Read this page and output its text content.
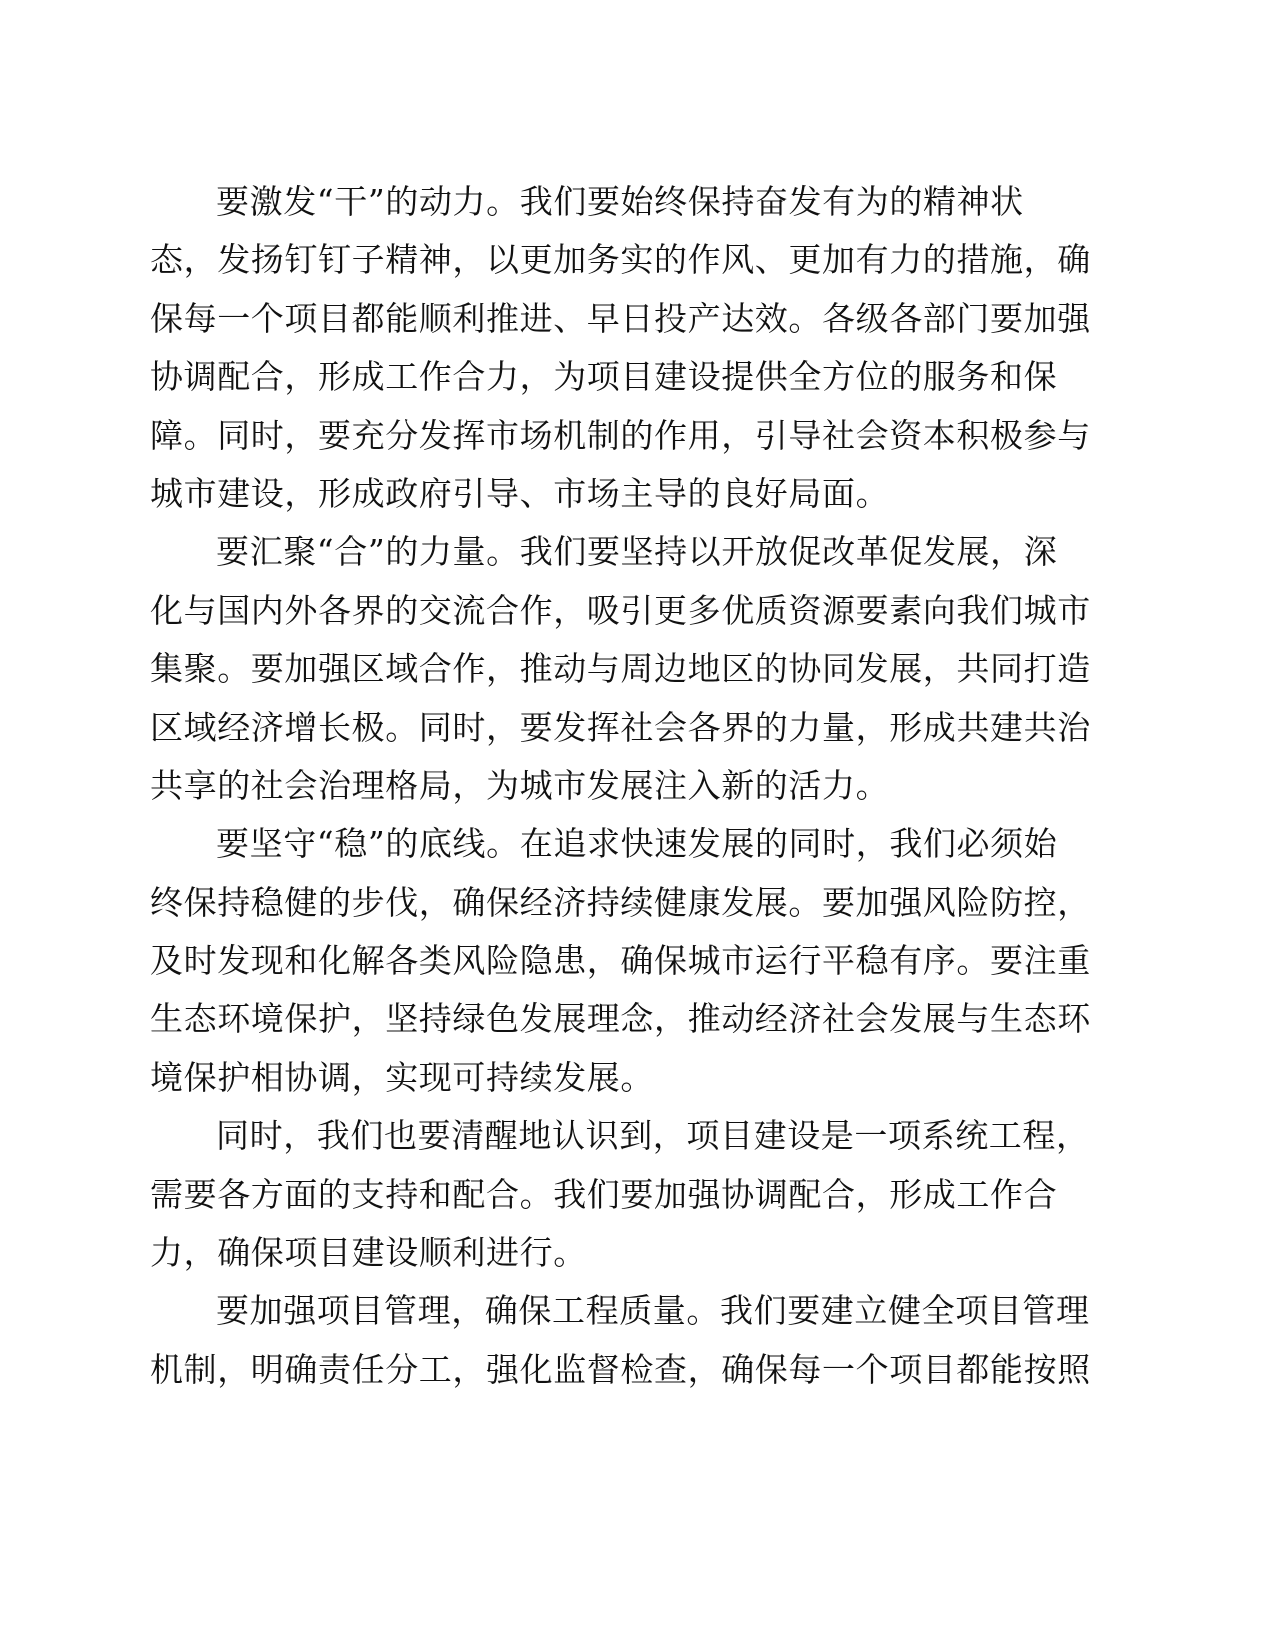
要激发“干”的动力。我们要始终保持奋发有为的精神状
态，发扬钉钉子精神，以更加务实的作风、更加有力的措施，确
保每一个项目都能顺利推进、早日投产达效。各级各部门要加强
协调配合，形成工作合力，为项目建设提供全方位的服务和保
障。同时，要充分发挥市场机制的作用，引导社会资本积极参与
城市建设，形成政府引导、市场主导的良好局面。
要汇聚“合”的力量。我们要坚持以开放促改革促发展，深
化与国内外各界的交流合作，吸引更多优质资源要素向我们城市
集聚。要加强区域合作，推动与周边地区的协同发展，共同打造
区域经济增长极。同时，要发挥社会各界的力量，形成共建共治
共享的社会治理格局，为城市发展注入新的活力。
要坚守“稳”的底线。在追求快速发展的同时，我们必须始
终保持稳健的步伐，确保经济持续健康发展。要加强风险防控，
及时发现和化解各类风险隐患，确保城市运行平稳有序。要注重
生态环境保护，坚持绿色发展理念，推动经济社会发展与生态环
境保护相协调，实现可持续发展。
同时，我们也要清醒地认识到，项目建设是一项系统工程，
需要各方面的支持和配合。我们要加强协调配合，形成工作合
力，确保项目建设顺利进行。
要加强项目管理，确保工程质量。我们要建立健全项目管理
机制，明确责任分工，强化监督检查，确保每一个项目都能按照
